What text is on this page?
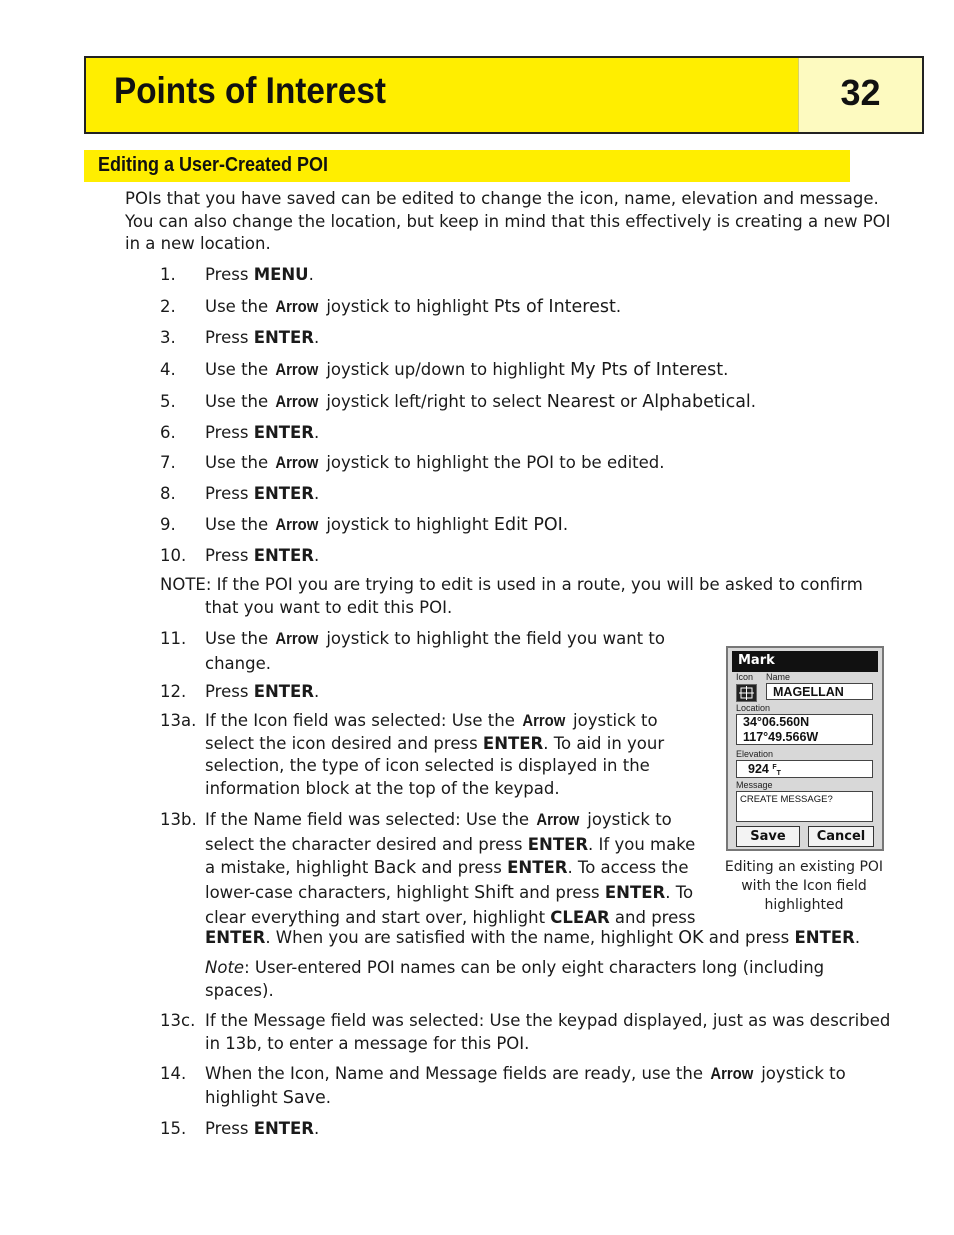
Points of Interest	32
Editing a User-Created POI
POIs that you have saved can be edited to change the icon, name, elevation and message. You can also change the location, but keep in mind that this effectively is creating a new POI in a new location.
1. Press MENU.
2. Use the Arrow joystick to highlight Pts of Interest.
3. Press ENTER.
4. Use the Arrow joystick up/down to highlight My Pts of Interest.
5. Use the Arrow joystick left/right to select Nearest or Alphabetical.
6. Press ENTER.
7. Use the Arrow joystick to highlight the POI to be edited.
8. Press ENTER.
9. Use the Arrow joystick to highlight Edit POI.
10. Press ENTER.
NOTE: If the POI you are trying to edit is used in a route, you will be asked to confirm that you want to edit this POI.
11. Use the Arrow joystick to highlight the field you want to change.
12. Press ENTER.
13a. If the Icon field was selected: Use the Arrow joystick to select the icon desired and press ENTER. To aid in your selection, the type of icon selected is displayed in the information block at the top of the keypad.
13b. If the Name field was selected: Use the Arrow joystick to select the character desired and press ENTER. If you make a mistake, highlight Back and press ENTER. To access the lower-case characters, highlight Shift and press ENTER. To clear everything and start over, highlight CLEAR and press
ENTER. When you are satisfied with the name, highlight OK and press ENTER.
Note: User-entered POI names can be only eight characters long (including spaces).
13c. If the Message field was selected: Use the keypad displayed, just as was described in 13b, to enter a message for this POI.
14. When the Icon, Name and Message fields are ready, use the Arrow joystick to highlight Save.
15. Press ENTER.
Mark
Icon Name
MAGELLAN
Location
34°06.560N
117°49.566W
Elevation
924 $^F$T
Message
CREATE MESSAGE?
Save	Cancel
Editing an existing POI with the Icon field highlighted
